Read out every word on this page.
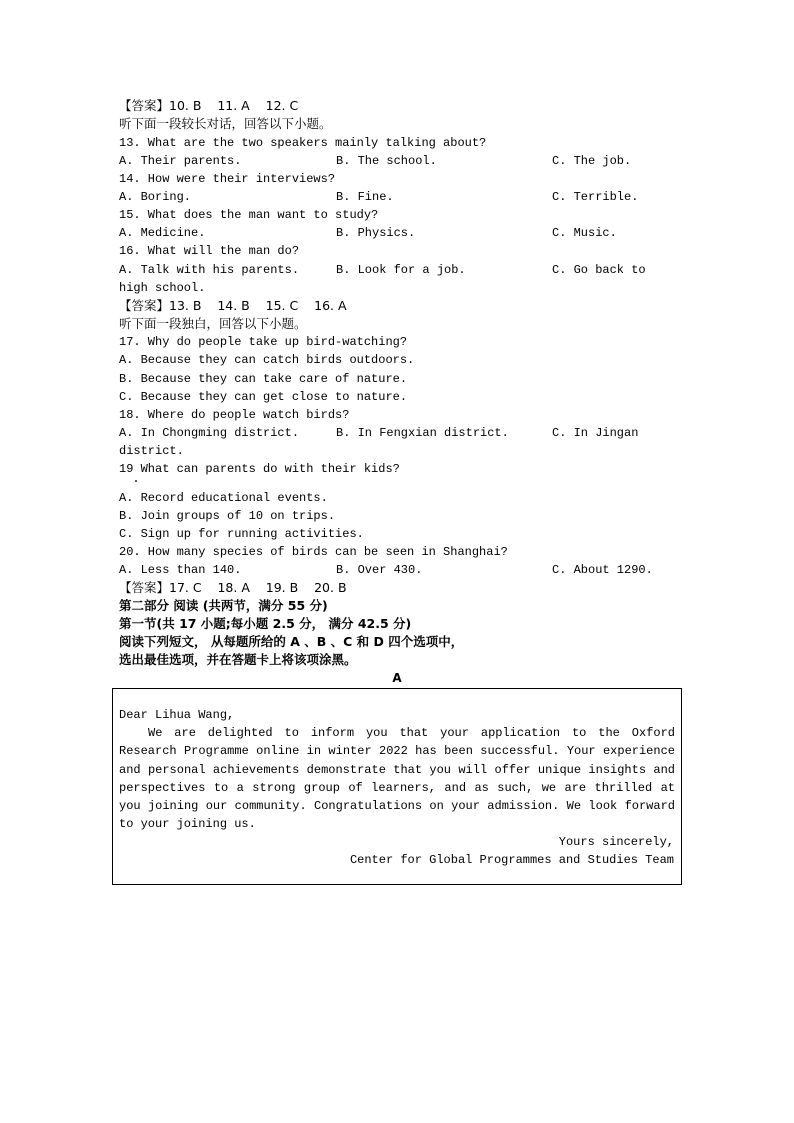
【答案】10. B    11. A    12. C
听下面一段较长对话，回答以下小题。
13. What are the two speakers mainly talking about?
A. Their parents.	B. The school.	C. The job.
14. How were their interviews?
A. Boring.	B. Fine.	C. Terrible.
15. What does the man want to study?
A. Medicine.	B. Physics.	C. Music.
16. What will the man do?
A. Talk with his parents.	B. Look for a job.	C. Go back to
high school.
【答案】13. B    14. B    15. C    16. A
听下面一段独白，回答以下小题。
17. Why do people take up bird-watching?
A. Because they can catch birds outdoors.
B. Because they can take care of nature.
C. Because they can get close to nature.
18. Where do people watch birds?
A. In Chongming district.	B. In Fengxian district.	C. In Jingan
district.
19 What can parents do with their kids?
A. Record educational events.
B. Join groups of 10 on trips.
C. Sign up for running activities.
20. How many species of birds can be seen in Shanghai?
A. Less than 140.	B. Over 430.	C. About 1290.
【答案】17. C    18. A    19. B    20. B
第二部分 阅读 (共两节，满分 55 分)
第一节(共 17 小题;每小题 2.5 分， 满分 42.5 分)
阅读下列短文， 从每题所给的 A 、B 、C 和 D 四个选项中，
选出最佳选项，并在答题卡上将该项涂黑。
A
Dear Lihua Wang,
We are delighted to inform you that your application to the Oxford Research Programme online in winter 2022 has been successful. Your experience and personal achievements demonstrate that you will offer unique insights and perspectives to a strong group of learners, and as such, we are thrilled at you joining our community. Congratulations on your admission. We look forward to your joining us.
Yours sincerely,
Center for Global Programmes and Studies Team
